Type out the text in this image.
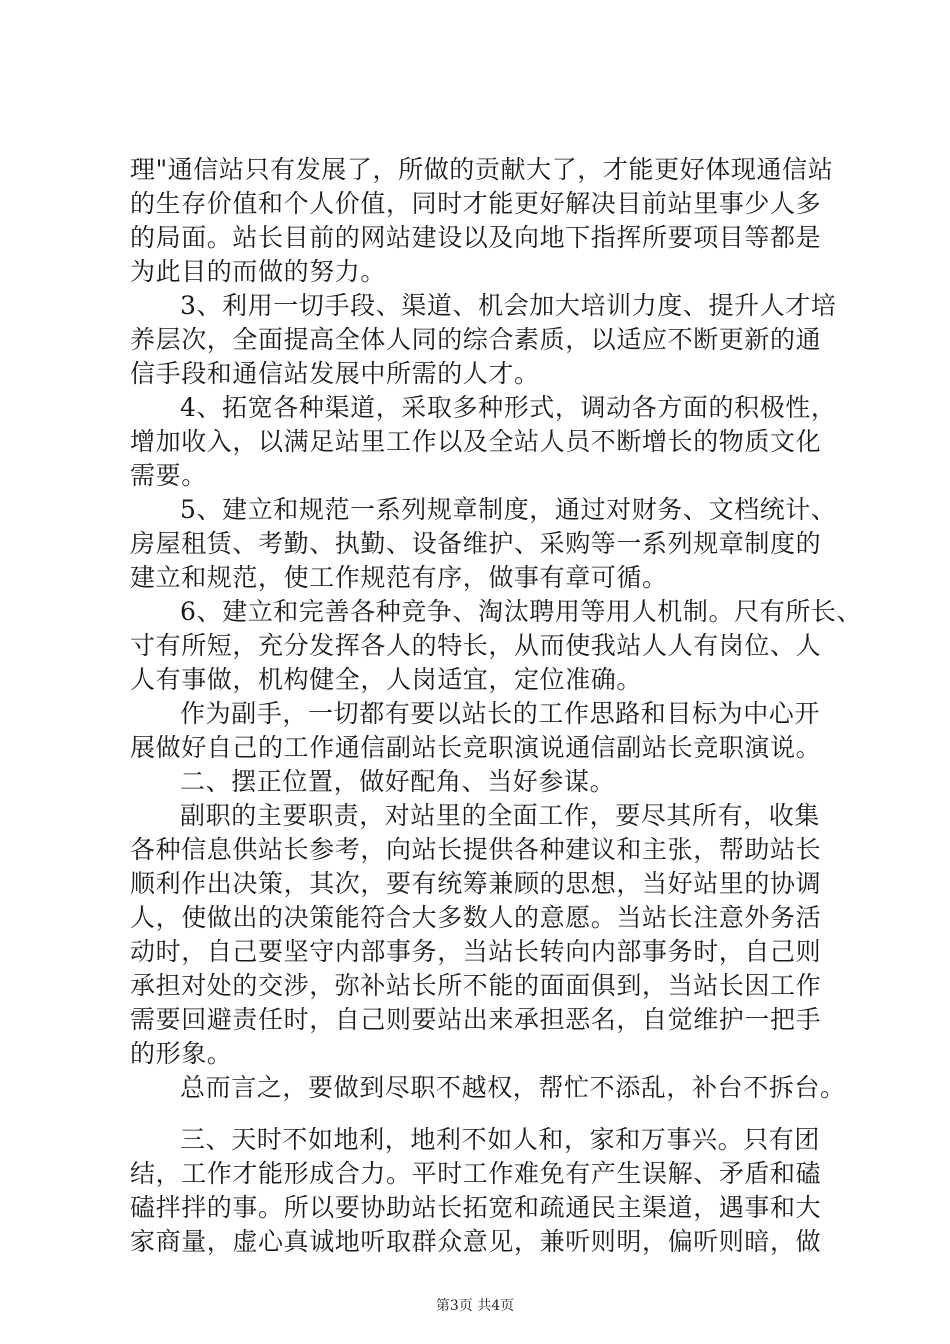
理"通信站只有发展了，所做的贡献大了，才能更好体现通信站
的生存价值和个人价值，同时才能更好解决目前站里事少人多
的局面。站长目前的网站建设以及向地下指挥所要项目等都是
为此目的而做的努力。
3、利用一切手段、渠道、机会加大培训力度、提升人才培
养层次，全面提高全体人同的综合素质，以适应不断更新的通
信手段和通信站发展中所需的人才。
4、拓宽各种渠道，采取多种形式，调动各方面的积极性，
增加收入，以满足站里工作以及全站人员不断增长的物质文化
需要。
5、建立和规范一系列规章制度，通过对财务、文档统计、
房屋租赁、考勤、执勤、设备维护、采购等一系列规章制度的
建立和规范，使工作规范有序，做事有章可循。
6、建立和完善各种竞争、淘汰聘用等用人机制。尺有所长、
寸有所短，充分发挥各人的特长，从而使我站人人有岗位、人
人有事做，机构健全，人岗适宜，定位准确。
作为副手，一切都有要以站长的工作思路和目标为中心开
展做好自己的工作通信副站长竞职演说通信副站长竞职演说。
二、摆正位置，做好配角、当好参谋。
副职的主要职责，对站里的全面工作，要尽其所有，收集
各种信息供站长参考，向站长提供各种建议和主张，帮助站长
顺利作出决策，其次，要有统筹兼顾的思想，当好站里的协调
人，使做出的决策能符合大多数人的意愿。当站长注意外务活
动时，自己要坚守内部事务，当站长转向内部事务时，自己则
承担对处的交涉，弥补站长所不能的面面俱到，当站长因工作
需要回避责任时，自己则要站出来承担恶名，自觉维护一把手
的形象。
总而言之，要做到尽职不越权，帮忙不添乱，补台不拆台。
三、天时不如地利，地利不如人和，家和万事兴。只有团
结，工作才能形成合力。平时工作难免有产生误解、矛盾和磕
磕拌拌的事。所以要协助站长拓宽和疏通民主渠道，遇事和大
家商量，虚心真诚地听取群众意见，兼听则明，偏听则暗，做
第3页 共4页
